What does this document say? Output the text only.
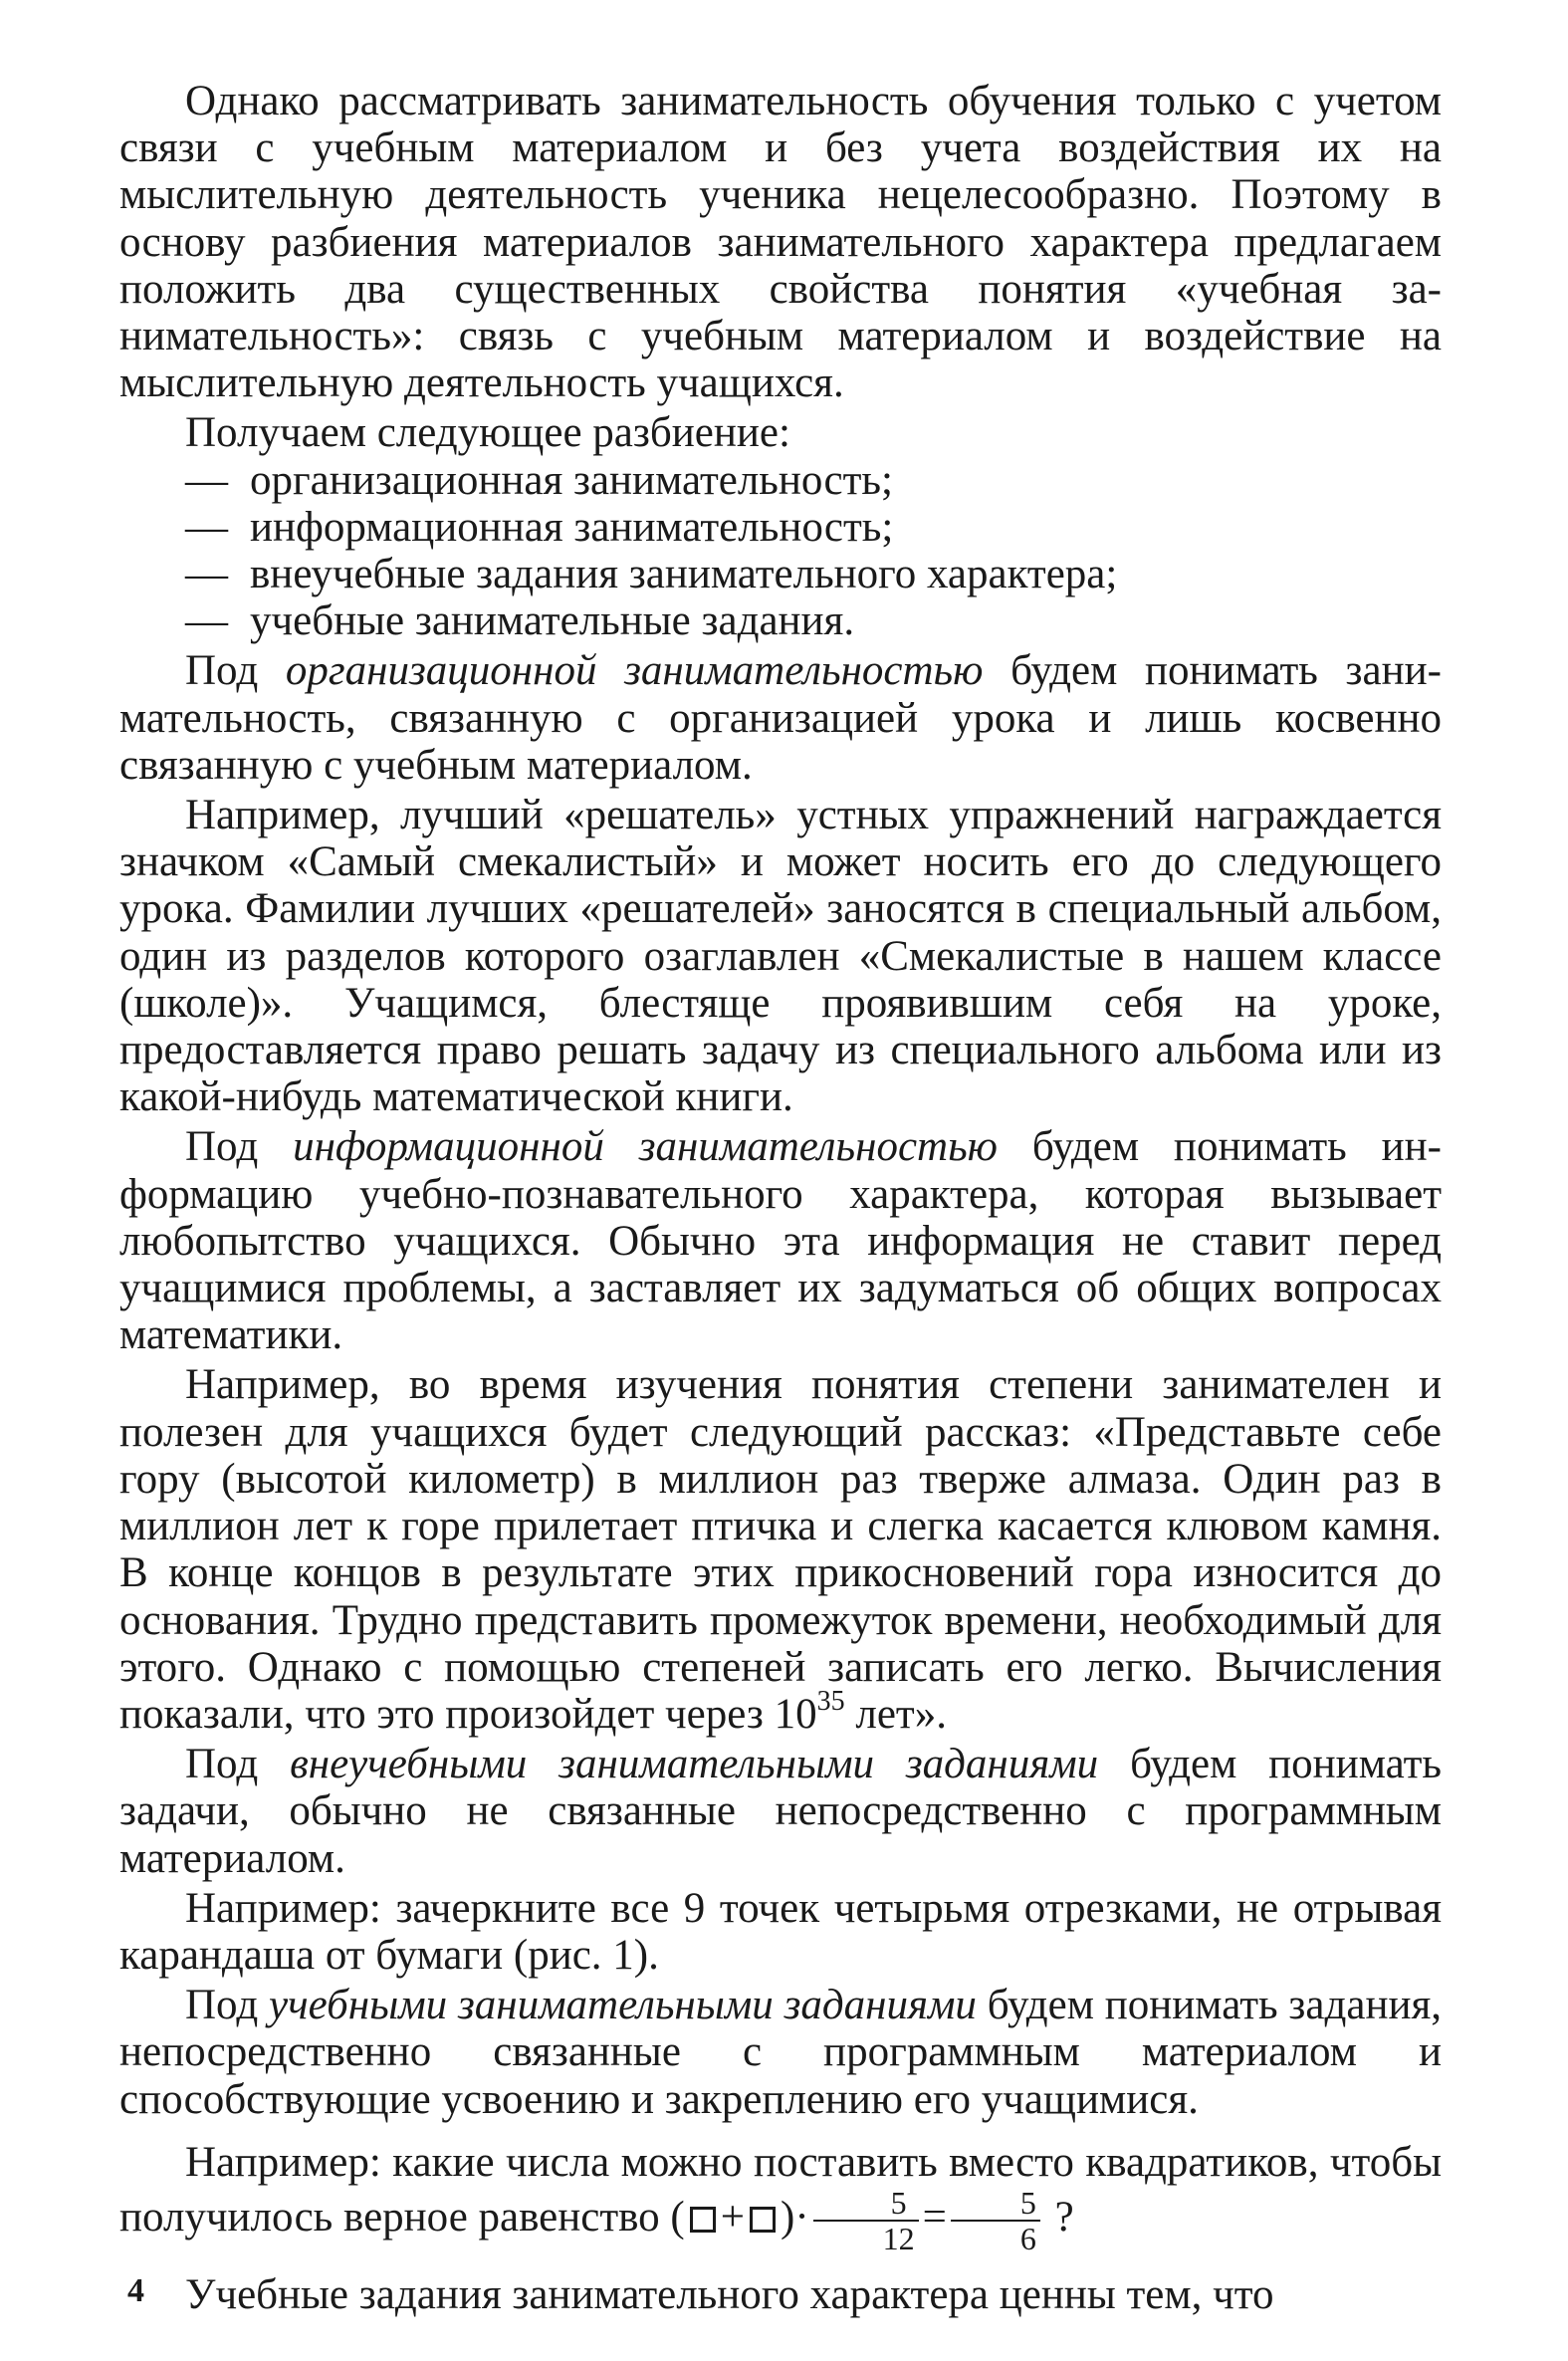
Однако рассматривать занимательность обучения только с учетом связи с учебным материалом и без учета воздействия их на мыслительную деятельность ученика нецелесообразно. Поэтому в основу разбиения материалов занимательного характера предлагаем положить два существенных свойства понятия «учебная занимательность»: связь с учебным материалом и воздействие на мыслительную деятельность учащихся.

Получаем следующее разбиение:

— организационная занимательность;
— информационная занимательность;
— внеучебные задания занимательного характера;
— учебные занимательные задания.

Под организационной занимательностью будем понимать занимательность, связанную с организацией урока и лишь косвенно связанную с учебным материалом.

Например, лучший «решатель» устных упражнений награждается значком «Самый смекалистый» и может носить его до следующего урока. Фамилии лучших «решателей» заносятся в специальный альбом, один из разделов которого озаглавлен «Смекалистые в нашем классе (школе)». Учащимся, блестяще проявившим себя на уроке, предоставляется право решать задачу из специального альбома или из какой-нибудь математической книги.

Под информационной занимательностью будем понимать информацию учебно-познавательного характера, которая вызывает любопытство учащихся. Обычно эта информация не ставит перед учащимися проблемы, а заставляет их задуматься об общих вопросах математики.

Например, во время изучения понятия степени занимателен и полезен для учащихся будет следующий рассказ: «Представьте себе гору (высотой километр) в миллион раз тверже алмаза. Один раз в миллион лет к горе прилетает птичка и слегка касается клювом камня. В конце концов в результате этих прикосновений гора износится до основания. Трудно представить промежуток времени, необходимый для этого. Однако с помощью степеней записать его легко. Вычисления показали, что это произойдет через $10^{35}$ лет».

Под внеучебными занимательными заданиями будем понимать задачи, обычно не связанные непосредственно с программным материалом.

Например: зачеркните все 9 точек четырьмя отрезками, не отрывая карандаша от бумаги (рис. 1).

Под учебными занимательными заданиями будем понимать задания, непосредственно связанные с программным материалом и способствующие усвоению и закреплению его учащимися.

Например: какие числа можно поставить вместо квадратиков, чтобы получилось верное равенство ( + )· $\frac{5}{12} = \frac{5}{6}$ ?

Учебные задания занимательного характера ценны тем, что

4
